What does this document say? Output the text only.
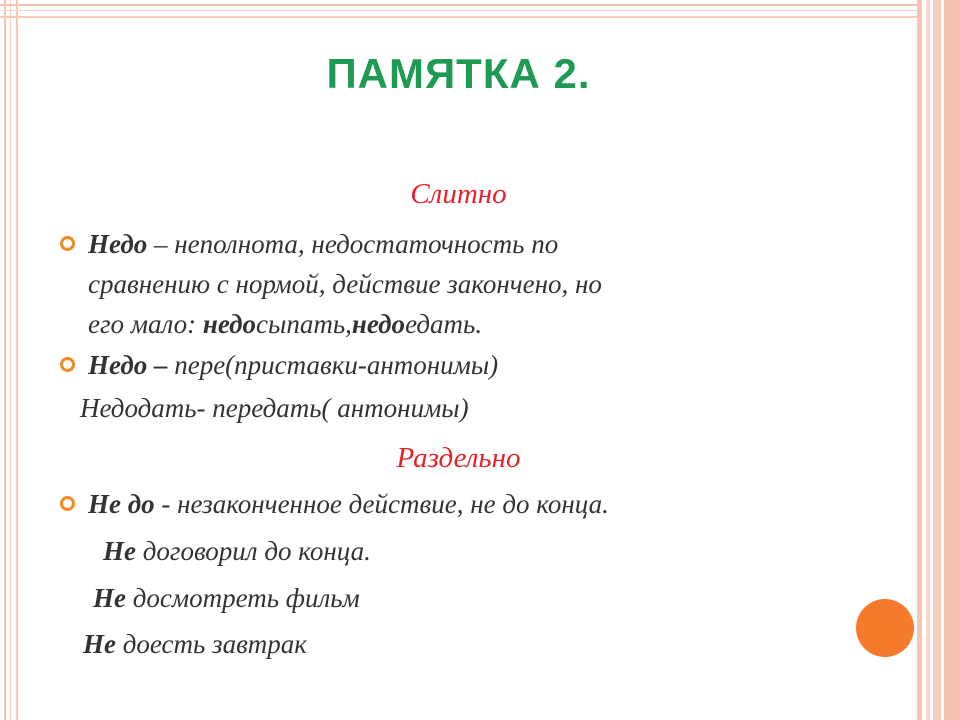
ПАМЯТКА 2.
Слитно
Недо – неполнота, недостаточность по
сравнению с нормой, действие закончено, но
его мало: недосыпать,недоедать.
Недо – пере(приставки-антонимы)
Недодать- передать( антонимы)
Раздельно
Не до - незаконченное действие, не до конца.
Не договорил до конца.
Не досмотреть фильм
Не доесть завтрак
